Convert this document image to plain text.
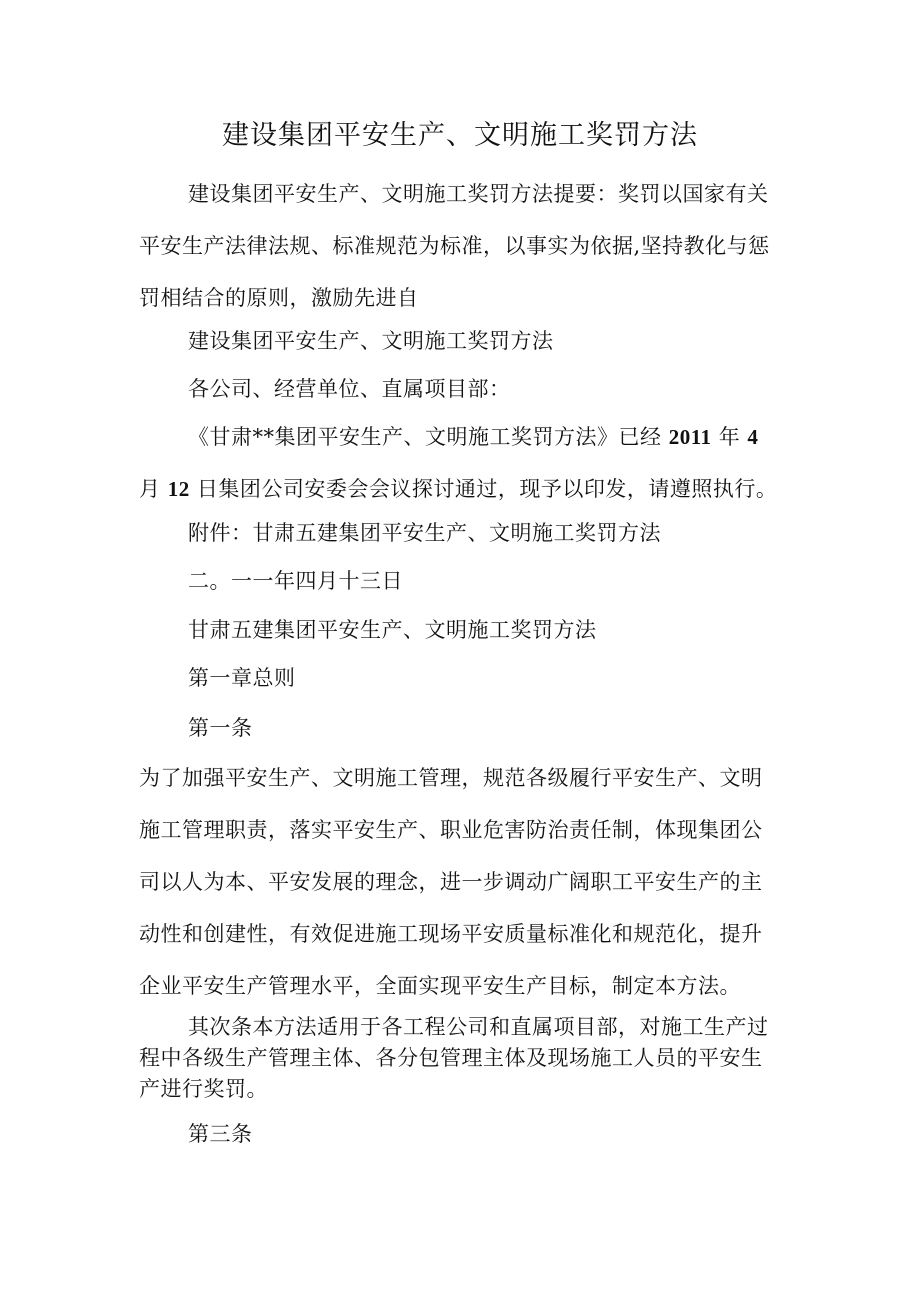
建设集团平安生产、文明施工奖罚方法
建设集团平安生产、文明施工奖罚方法提要：奖罚以国家有关
平安生产法律法规、标准规范为标准，以事实为依据,坚持教化与惩
罚相结合的原则，激励先进自

建设集团平安生产、文明施工奖罚方法

各公司、经营单位、直属项目部：

《甘肃**集团平安生产、文明施工奖罚方法》已经 2011 年 4
月 12 日集团公司安委会会议探讨通过，现予以印发，请遵照执行。

附件：甘肃五建集团平安生产、文明施工奖罚方法

二。一一年四月十三日

甘肃五建集团平安生产、文明施工奖罚方法

第一章总则

第一条

为了加强平安生产、文明施工管理，规范各级履行平安生产、文明
施工管理职责，落实平安生产、职业危害防治责任制，体现集团公
司以人为本、平安发展的理念，进一步调动广阔职工平安生产的主
动性和创建性，有效促进施工现场平安质量标准化和规范化，提升
企业平安生产管理水平，全面实现平安生产目标，制定本方法。
其次条本方法适用于各工程公司和直属项目部，对施工生产过
程中各级生产管理主体、各分包管理主体及现场施工人员的平安生
产进行奖罚。

第三条
